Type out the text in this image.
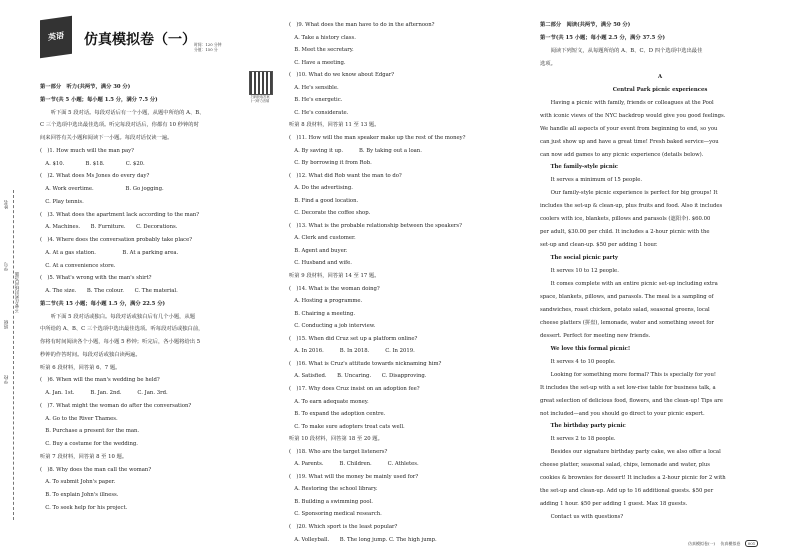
姓名
学号
不要在密封线内答题
班级
学校
英语	仿真模拟卷（一）
时间：120 分钟
分值：150 分
扫码获取答案
(一)听力音频
第一部分　听力(共两节，满分 30 分)
第一节(共 5 小题；每小题 1.5 分，满分 7.5 分)
　　听下面 5 段对话。每段对话后有一个小题，从题中所给的 A、B、
C 三个选项中选出最佳选项。听完每段对话后，你都有 10 秒钟的时
间来回答有关小题和阅读下一小题。每段对话仅读一遍。
(　)1. How much will the man pay?
　A. $10.　　　　B. $18.　　　　C. $20.
(　)2. What does Ms Jones do every day?
　A. Work overtime.　　　　　　B. Go jogging.
　C. Play tennis.
(　)3. What does the apartment lack according to the man?
　A. Machines.　　B. Furniture.　　C. Decorations.
(　)4. Where does the conversation probably take place?
　A. At a gas station.　　　　　B. At a parking area.
　C. At a convenience store.
(　)5. What's wrong with the man's shirt?
　A. The size.　　B. The colour.　　C. The material.
第二节(共 15 小题；每小题 1.5 分，满分 22.5 分)
　　听下面 5 段对话或独白。每段对话或独白后有几个小题，从题
中所给的 A、B、C 三个选项中选出最佳选项。听每段对话或独白前，
你将有时间阅读各个小题，每小题 5 秒钟；听完后，各小题将给出 5
秒钟的作答时间。每段对话或独白读两遍。
听第 6 段材料，回答第 6、7 题。
(　)6. When will the man's wedding be held?
　A. Jan. 1st.　　　B. Jan. 2nd.　　　C. Jan. 3rd.
(　)7. What might the woman do after the conversation?
　A. Go to the River Thames.
　B. Purchase a present for the man.
　C. Buy a costume for the wedding.
听第 7 段材料，回答第 8 至 10 题。
(　)8. Why does the man call the woman?
　A. To submit John's paper.
　B. To explain John's illness.
　C. To seek help for his project.
(　)9. What does the man have to do in the afternoon?
　A. Take a history class.
　B. Meet the secretary.
　C. Have a meeting.
(　)10. What do we know about Edgar?
　A. He's sensible.
　B. He's energetic.
　C. He's considerate.
听第 8 段材料，回答第 11 至 13 题。
(　)11. How will the man speaker make up the rest of the money?
　A. By saving it up.　　　B. By taking out a loan.
　C. By borrowing it from Rob.
(　)12. What did Rob want the man to do?
　A. Do the advertising.
　B. Find a good location.
　C. Decorate the coffee shop.
(　)13. What is the probable relationship between the speakers?
　A. Clerk and customer.
　B. Agent and buyer.
　C. Husband and wife.
听第 9 段材料，回答第 14 至 17 题。
(　)14. What is the woman doing?
　A. Hosting a programme.
　B. Chairing a meeting.
　C. Conducting a job interview.
(　)15. When did Cruz set up a platform online?
　A. In 2016.　　　B. In 2018.　　　C. In 2019.
(　)16. What is Cruz's attitude towards nicknaming him?
　A. Satisfied.　　B. Uncaring.　　C. Disapproving.
(　)17. Why does Cruz insist on an adoption fee?
　A. To earn adequate money.
　B. To expand the adoption centre.
　C. To make sure adopters treat cats well.
听第 10 段材料，回答第 18 至 20 题。
(　)18. Who are the target listeners?
　A. Parents.　　　B. Children.　　　C. Athletes.
(　)19. What will the money be mainly used for?
　A. Restoring the school library.
　B. Building a swimming pool.
　C. Sponsoring medical research.
(　)20. Which sport is the least popular?
　A. Volleyball.　　B. The long jump. C. The high jump.
第二部分　阅读(共两节，满分 50 分)
第一节(共 15 小题；每小题 2.5 分，满分 37.5 分)
　　阅读下列短文，从每题所给的 A、B、C、D 四个选项中选出最佳
选项。
A
Central Park picnic experiences
　　Having a picnic with family, friends or colleagues at the Pool
with iconic views of the NYC backdrop would give you good feelings.
We handle all aspects of your event from beginning to end, so you
can just show up and have a great time! Fresh baked service—you
can now add games to any picnic experience (details below).
　　The family-style picnic
　　It serves a minimum of 15 people.
　　Our family-style picnic experience is perfect for big groups! It
includes the set-up & clean-up, plus fruits and food. Also it includes
coolers with ice, blankets, pillows and parasols (遮阳伞). $60.00
per adult, $30.00 per child. It includes a 2-hour picnic with the
set-up and clean-up. $50 per adding 1 hour.
　　The social picnic party
　　It serves 10 to 12 people.
　　It comes complete with an entire picnic set-up including extra
space, blankets, pillows, and parasols. The meal is a sampling of
sandwiches, roast chicken, potato salad, seasonal greens, local
cheese platters (拼盘), lemonade, water and something sweet for
dessert. Perfect for meeting new friends.
　　We love this formal picnic!
　　It serves 4 to 10 people.
　　Looking for something more formal? This is specially for you!
It includes the set-up with a set low-rise table for business talk, a
great selection of delicious food, flowers, and the clean-up! Tips are
not included—and you should go direct to your picnic expert.
　　The birthday party picnic
　　It serves 2 to 18 people.
　　Besides our signature birthday party cake, we also offer a local
cheese platter, seasonal salad, chips, lemonade and water, plus
cookies & brownies for dessert! It includes a 2-hour picnic for 2 with
the set-up and clean-up. Add up to 16 additional guests. $50 per
adding 1 hour. $50 per adding 1 guest. Max 18 guests.
　　Contact us with questions?
仿真模拟卷(一) 　 仿真模拟卷 001
